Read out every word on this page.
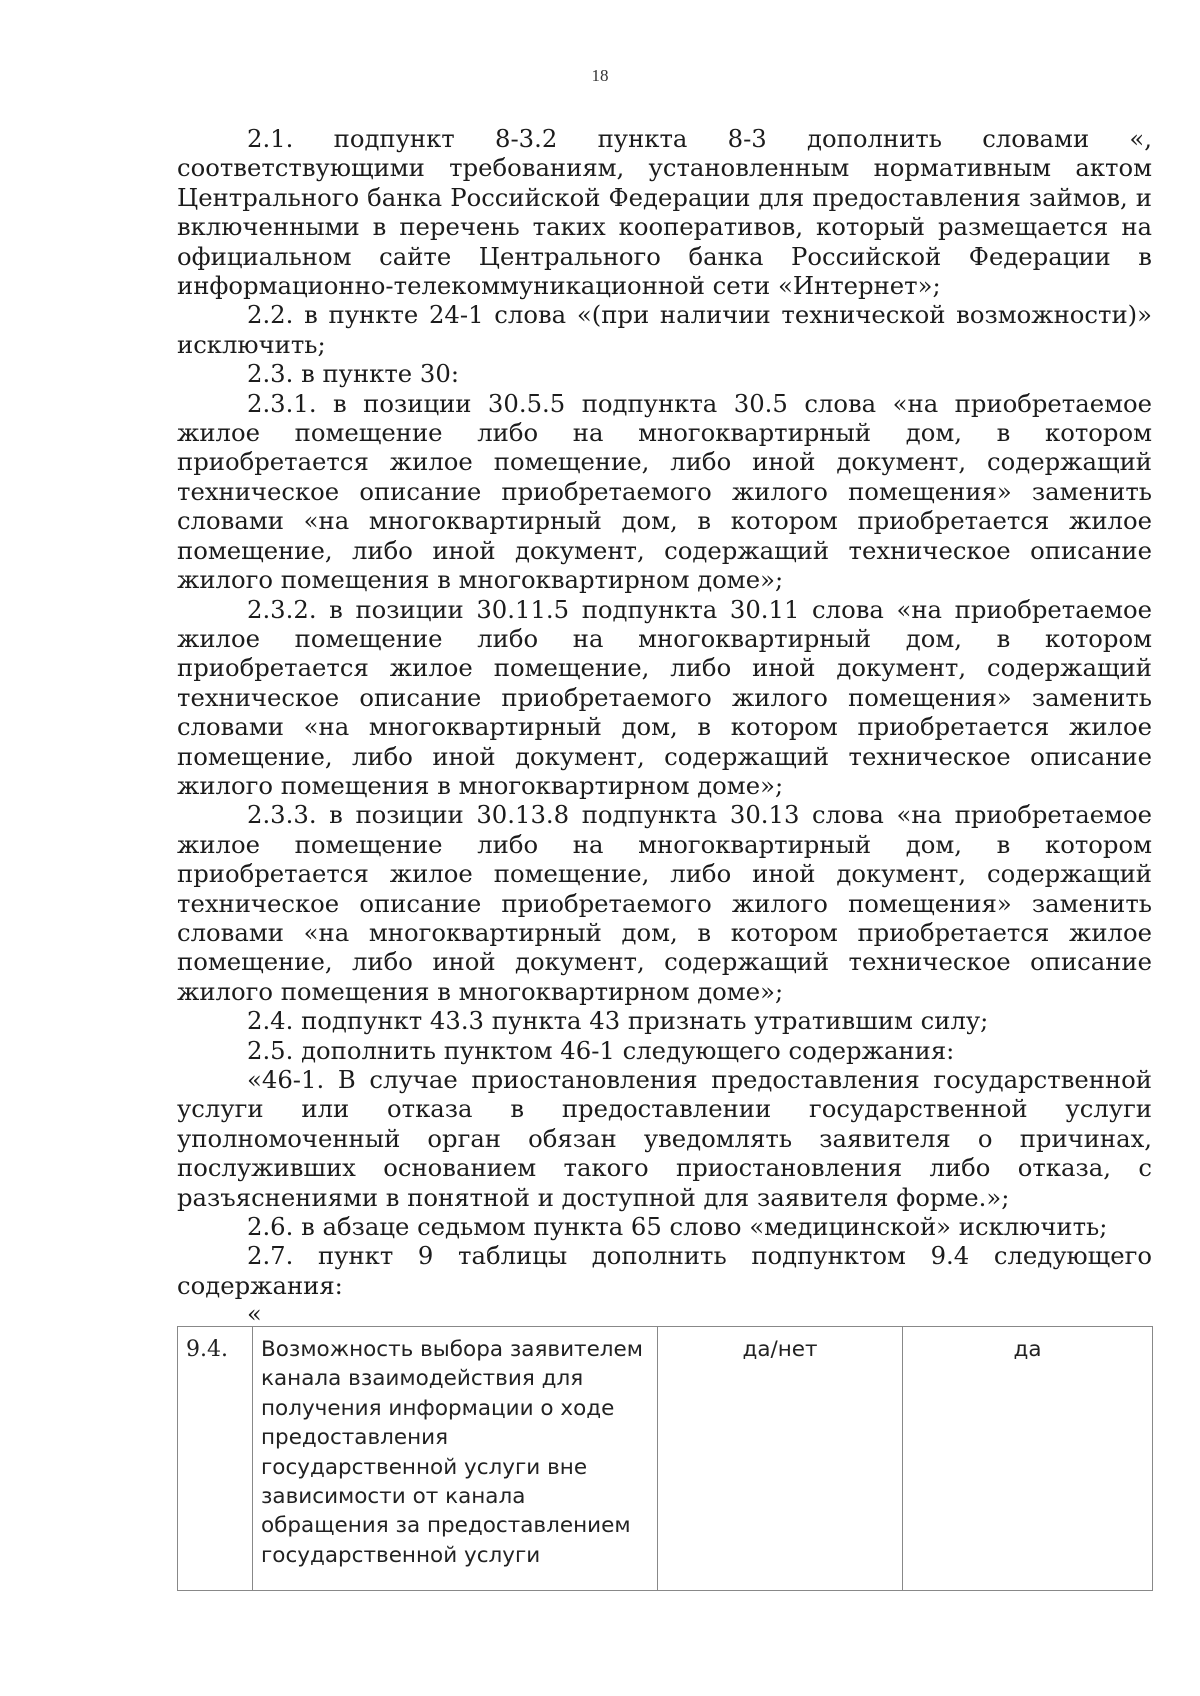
18

2.1. подпункт 8-3.2 пункта 8-3 дополнить словами «, соответствующими требованиям, установленным нормативным актом Центрального банка Российской Федерации для предоставления займов, и включенными в перечень таких кооперативов, который размещается на официальном сайте Центрального банка Российской Федерации в информационно-телекоммуникационной сети «Интернет»;

2.2. в пункте 24-1 слова «(при наличии технической возможности)» исключить;

2.3. в пункте 30:

2.3.1. в позиции 30.5.5 подпункта 30.5 слова «на приобретаемое жилое помещение либо на многоквартирный дом, в котором приобретается жилое помещение, либо иной документ, содержащий техническое описание приобретаемого жилого помещения» заменить словами «на многоквартирный дом, в котором приобретается жилое помещение, либо иной документ, содержащий техническое описание жилого помещения в многоквартирном доме»;

2.3.2. в позиции 30.11.5 подпункта 30.11 слова «на приобретаемое жилое помещение либо на многоквартирный дом, в котором приобретается жилое помещение, либо иной документ, содержащий техническое описание приобретаемого жилого помещения» заменить словами «на многоквартирный дом, в котором приобретается жилое помещение, либо иной документ, содержащий техническое описание жилого помещения в многоквартирном доме»;

2.3.3. в позиции 30.13.8 подпункта 30.13 слова «на приобретаемое жилое помещение либо на многоквартирный дом, в котором приобретается жилое помещение, либо иной документ, содержащий техническое описание приобретаемого жилого помещения» заменить словами «на многоквартирный дом, в котором приобретается жилое помещение, либо иной документ, содержащий техническое описание жилого помещения в многоквартирном доме»;

2.4. подпункт 43.3 пункта 43 признать утратившим силу;

2.5. дополнить пунктом 46-1 следующего содержания:

«46-1. В случае приостановления предоставления государственной услуги или отказа в предоставлении государственной услуги уполномоченный орган обязан уведомлять заявителя о причинах, послуживших основанием такого приостановления либо отказа, с разъяснениями в понятной и доступной для заявителя форме.»;

2.6. в абзаце седьмом пункта 65 слово «медицинской» исключить;

2.7. пункт 9 таблицы дополнить подпунктом 9.4 следующего содержания:

«
9.4.	Возможность выбора заявителем канала взаимодействия для получения информации о ходе предоставления государственной услуги вне зависимости от канала обращения за предоставлением государственной услуги	да/нет	да
